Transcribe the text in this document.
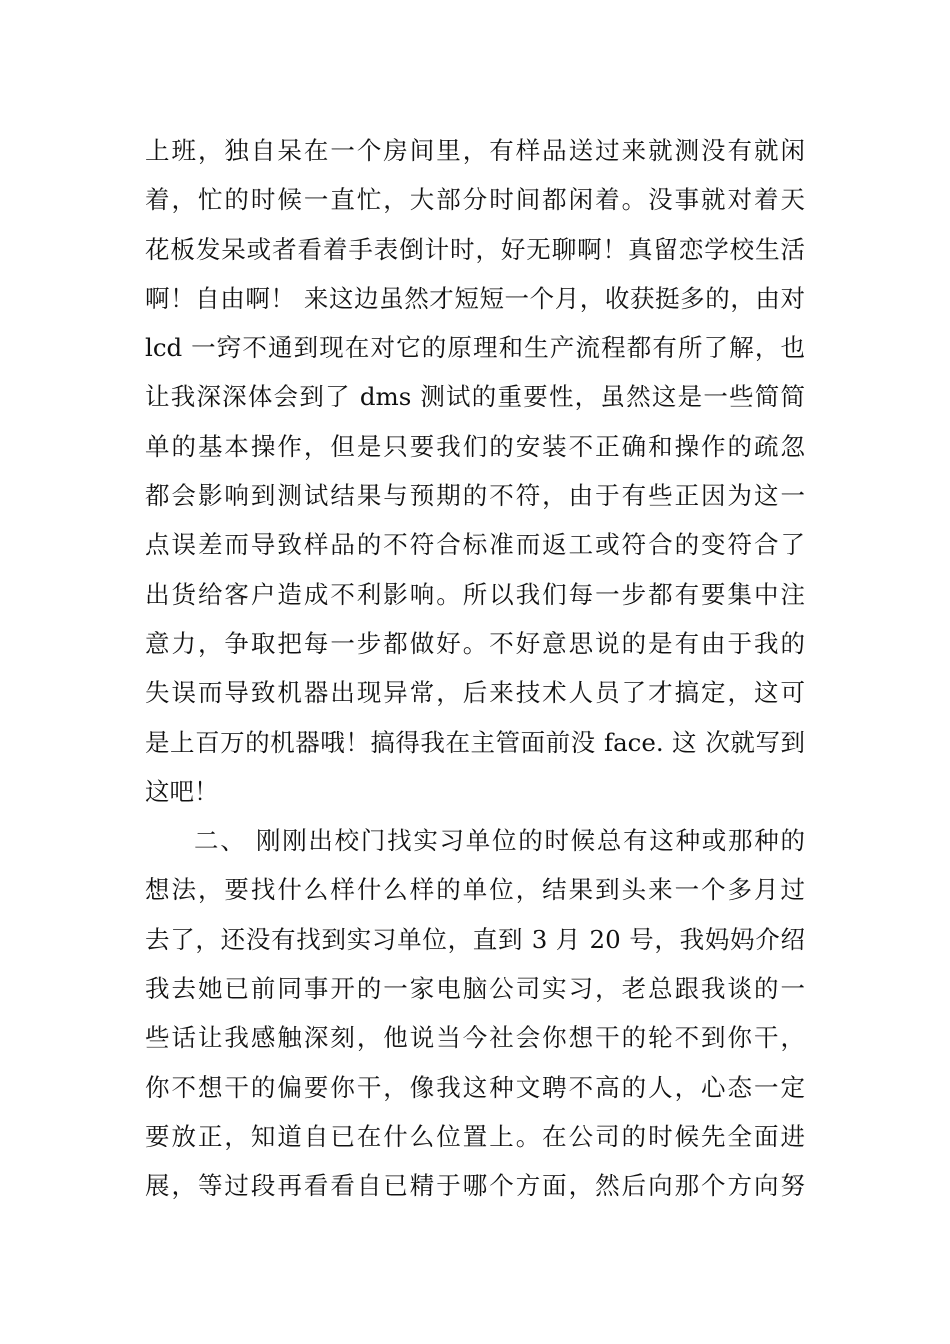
上班，独自呆在一个房间里，有样品送过来就测没有就闲
着，忙的时候一直忙，大部分时间都闲着。没事就对着天
花板发呆或者看着手表倒计时，好无聊啊！真留恋学校生活
啊！自由啊！ 来这边虽然才短短一个月，收获挺多的，由对
lcd 一窍不通到现在对它的原理和生产流程都有所了解，也
让我深深体会到了 dms 测试的重要性，虽然这是一些简简
单的基本操作，但是只要我们的安装不正确和操作的疏忽
都会影响到测试结果与预期的不符，由于有些正因为这一
点误差而导致样品的不符合标准而返工或符合的变符合了
出货给客户造成不利影响。所以我们每一步都有要集中注
意力，争取把每一步都做好。不好意思说的是有由于我的
失误而导致机器出现异常，后来技术人员了才搞定，这可
是上百万的机器哦！搞得我在主管面前没 face. 这 次就写到
这吧！
二、 刚刚出校门找实习单位的时候总有这种或那种的
想法，要找什么样什么样的单位，结果到头来一个多月过
去了，还没有找到实习单位，直到 3 月 20 号，我妈妈介绍
我去她已前同事开的一家电脑公司实习，老总跟我谈的一
些话让我感触深刻，他说当今社会你想干的轮不到你干，
你不想干的偏要你干，像我这种文聘不高的人，心态一定
要放正，知道自已在什么位置上。在公司的时候先全面进
展，等过段再看看自已精于哪个方面，然后向那个方向努
